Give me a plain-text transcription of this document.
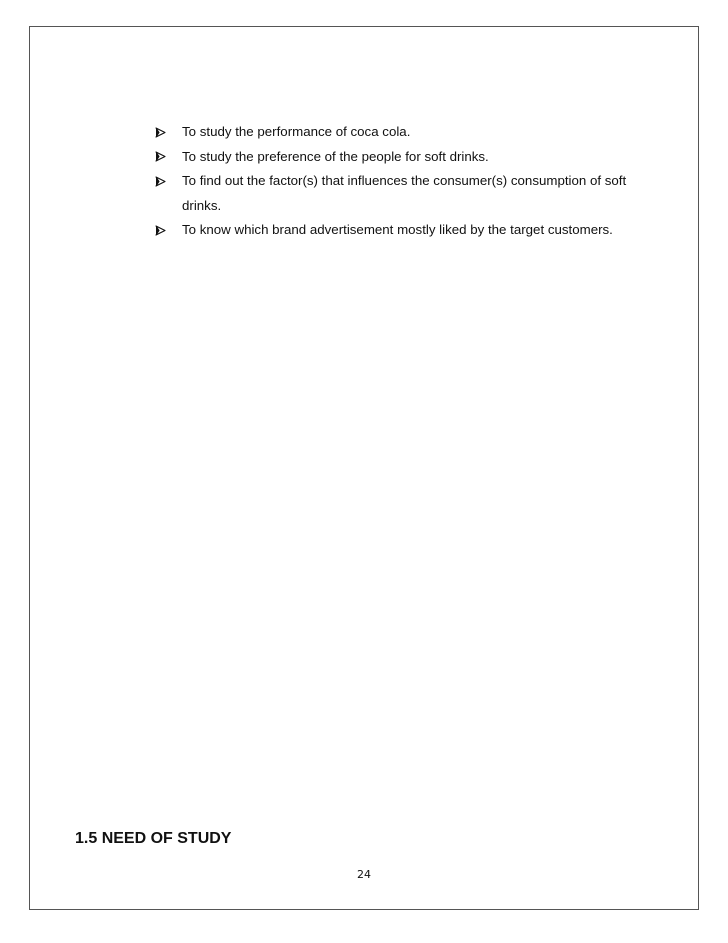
To study the performance of coca cola.
To study the preference of the people for soft drinks.
To find out the factor(s) that influences the consumer(s) consumption of soft drinks.
To know which brand advertisement mostly liked by the target customers.
1.5 NEED OF STUDY
24
